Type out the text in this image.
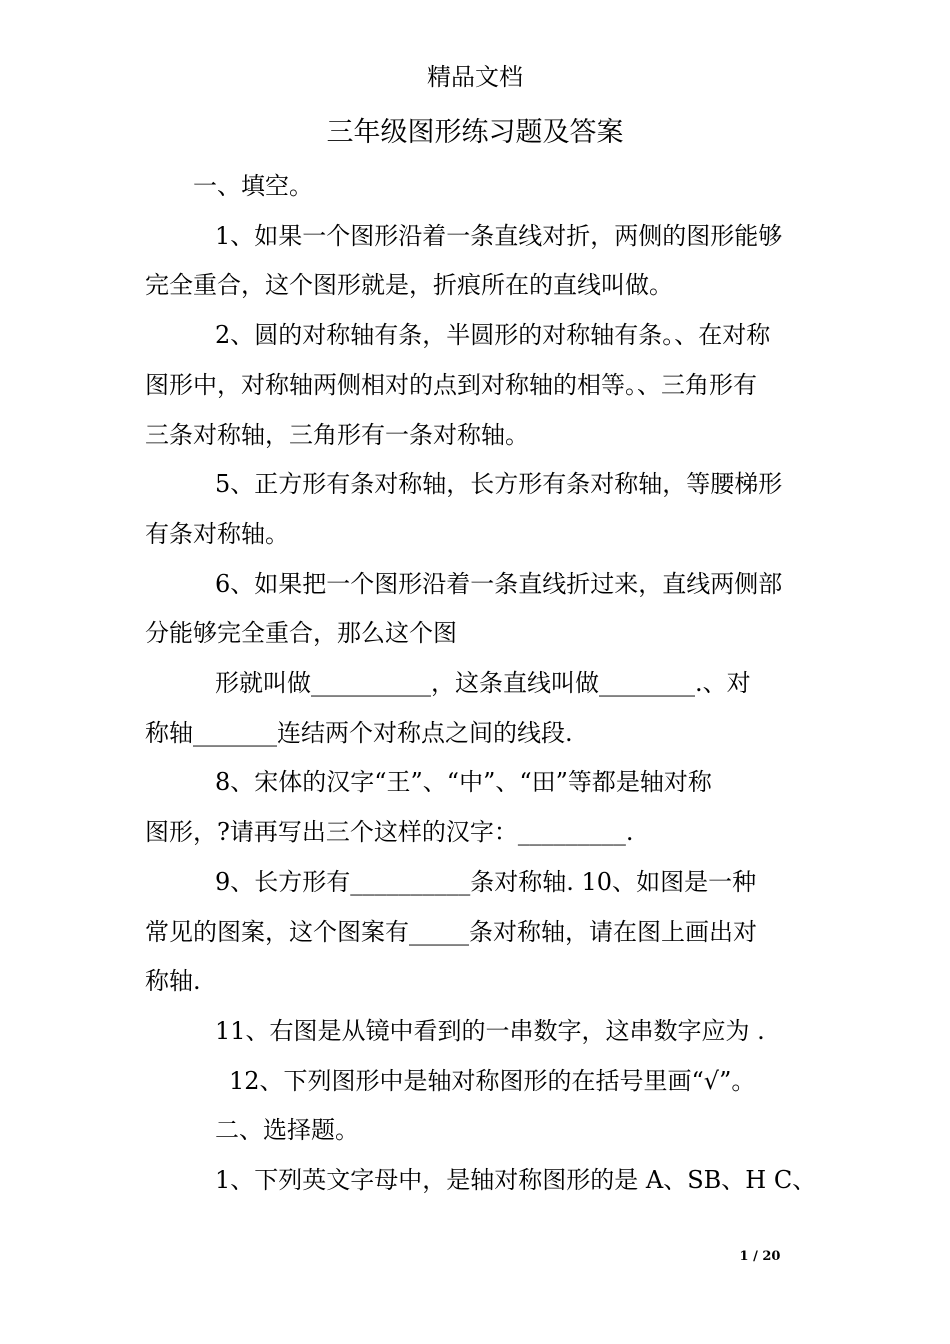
精品文档
三年级图形练习题及答案
一、填空。
1、如果一个图形沿着一条直线对折，两侧的图形能够
完全重合，这个图形就是，折痕所在的直线叫做。
2、圆的对称轴有条，半圆形的对称轴有条。、在对称
图形中，对称轴两侧相对的点到对称轴的相等。、三角形有
三条对称轴，三角形有一条对称轴。
5、正方形有条对称轴，长方形有条对称轴，等腰梯形
有条对称轴。
6、如果把一个图形沿着一条直线折过来，直线两侧部
分能够完全重合，那么这个图
形就叫做__________，这条直线叫做________.、对
称轴_______连结两个对称点之间的线段.
8、宋体的汉字“王”、“中”、“田”等都是轴对称
图形，?请再写出三个这样的汉字：_________.
9、长方形有__________条对称轴. 10、如图是一种
常见的图案，这个图案有_____条对称轴，请在图上画出对
称轴.
11、右图是从镜中看到的一串数字，这串数字应为 .
12、下列图形中是轴对称图形的在括号里画“√”。
二、选择题。
1、下列英文字母中，是轴对称图形的是 A、SB、H C、
1 / 20
